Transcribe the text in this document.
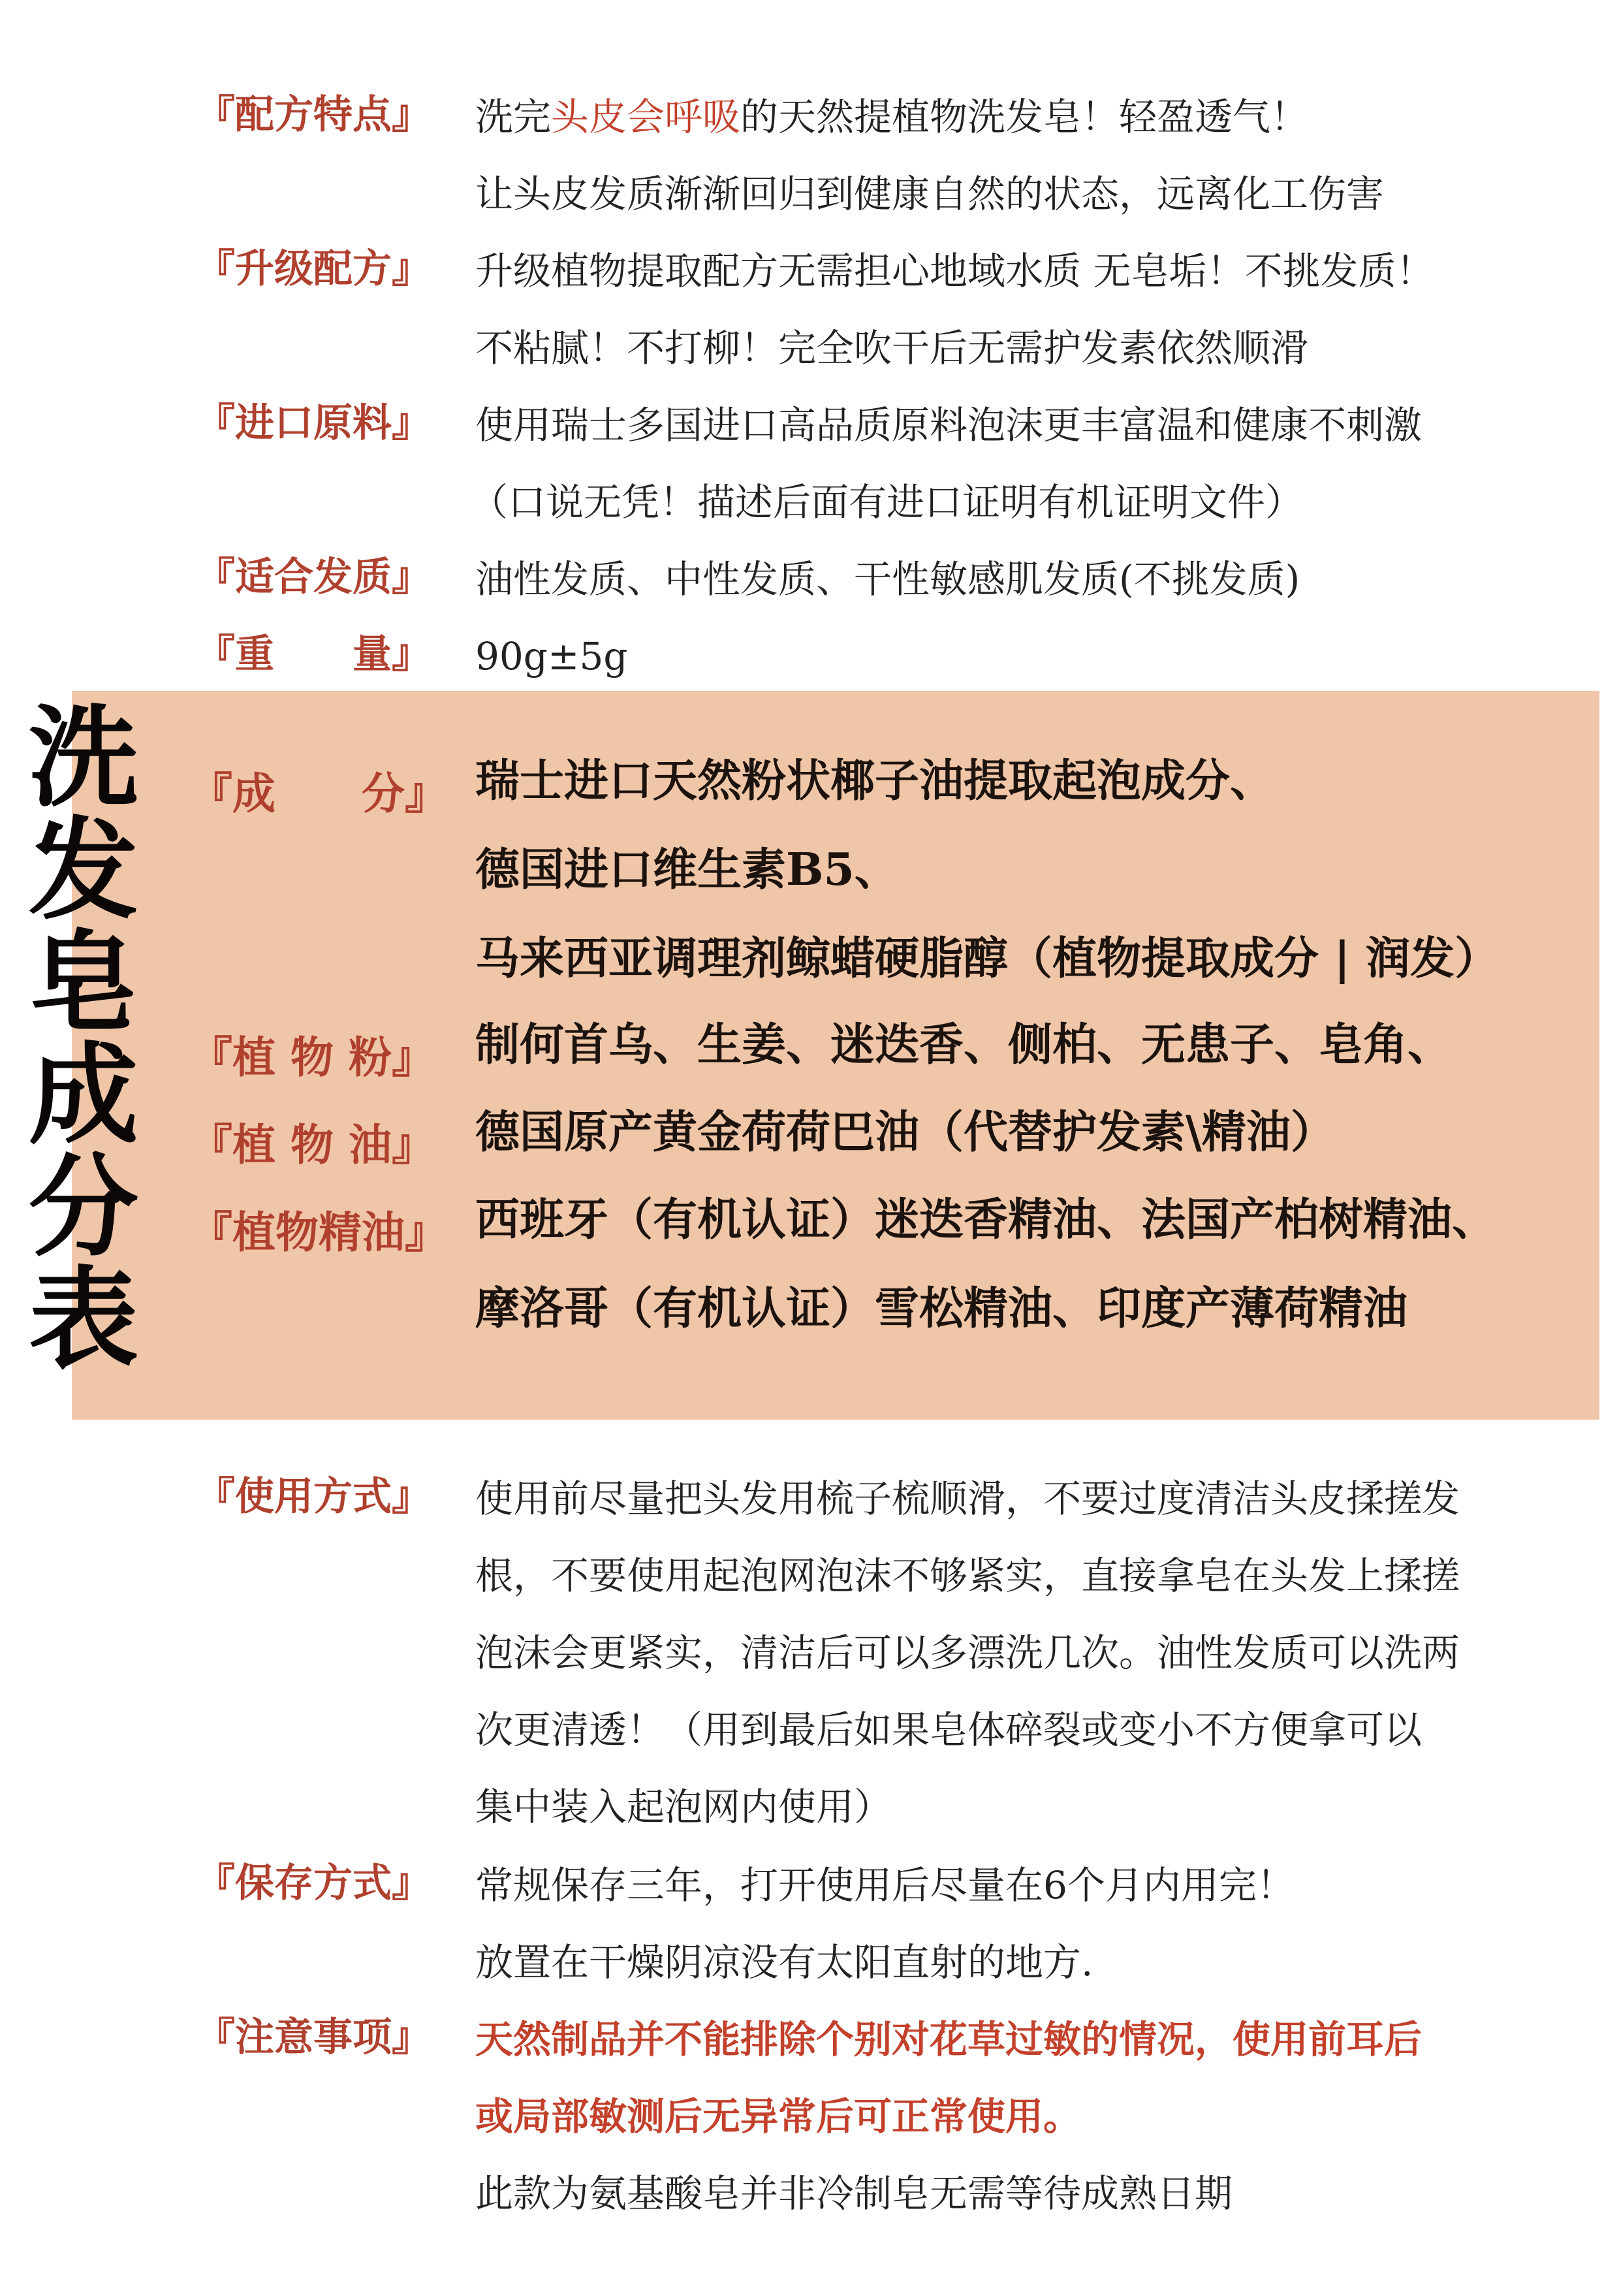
『配方特点』 洗完头皮会呼吸的天然提植物洗发皂！轻盈透气！
让头皮发质渐渐回归到健康自然的状态，远离化工伤害
『升级配方』 升级植物提取配方无需担心地域水质 无皂垢！不挑发质！
不粘腻！不打柳！完全吹干后无需护发素依然顺滑
『进口原料』 使用瑞士多国进口高品质原料泡沫更丰富温和健康不刺激
（口说无凭！描述后面有进口证明有机证明文件）
『适合发质』 油性发质、中性发质、干性敏感肌发质(不挑发质)
『重　　量』 90g±5g
洗
发
皂
成
分
表
『成　　分』 瑞士进口天然粉状椰子油提取起泡成分、
德国进口维生素B5、
马来西亚调理剂鲸蜡硬脂醇（植物提取成分 | 润发）
『植 物 粉』 制何首乌、生姜、迷迭香、侧柏、无患子、皂角、
『植 物 油』 德国原产黄金荷荷巴油（代替护发素\精油）
『植物精油』 西班牙（有机认证）迷迭香精油、法国产柏树精油、
摩洛哥（有机认证）雪松精油、印度产薄荷精油
『使用方式』 使用前尽量把头发用梳子梳顺滑，不要过度清洁头皮揉搓发
根，不要使用起泡网泡沫不够紧实，直接拿皂在头发上揉搓
泡沫会更紧实，清洁后可以多漂洗几次。油性发质可以洗两
次更清透！（用到最后如果皂体碎裂或变小不方便拿可以
集中装入起泡网内使用）
『保存方式』 常规保存三年，打开使用后尽量在6个月内用完！
放置在干燥阴凉没有太阳直射的地方.
『注意事项』 天然制品并不能排除个别对花草过敏的情况，使用前耳后
或局部敏测后无异常后可正常使用。
此款为氨基酸皂并非冷制皂无需等待成熟日期
